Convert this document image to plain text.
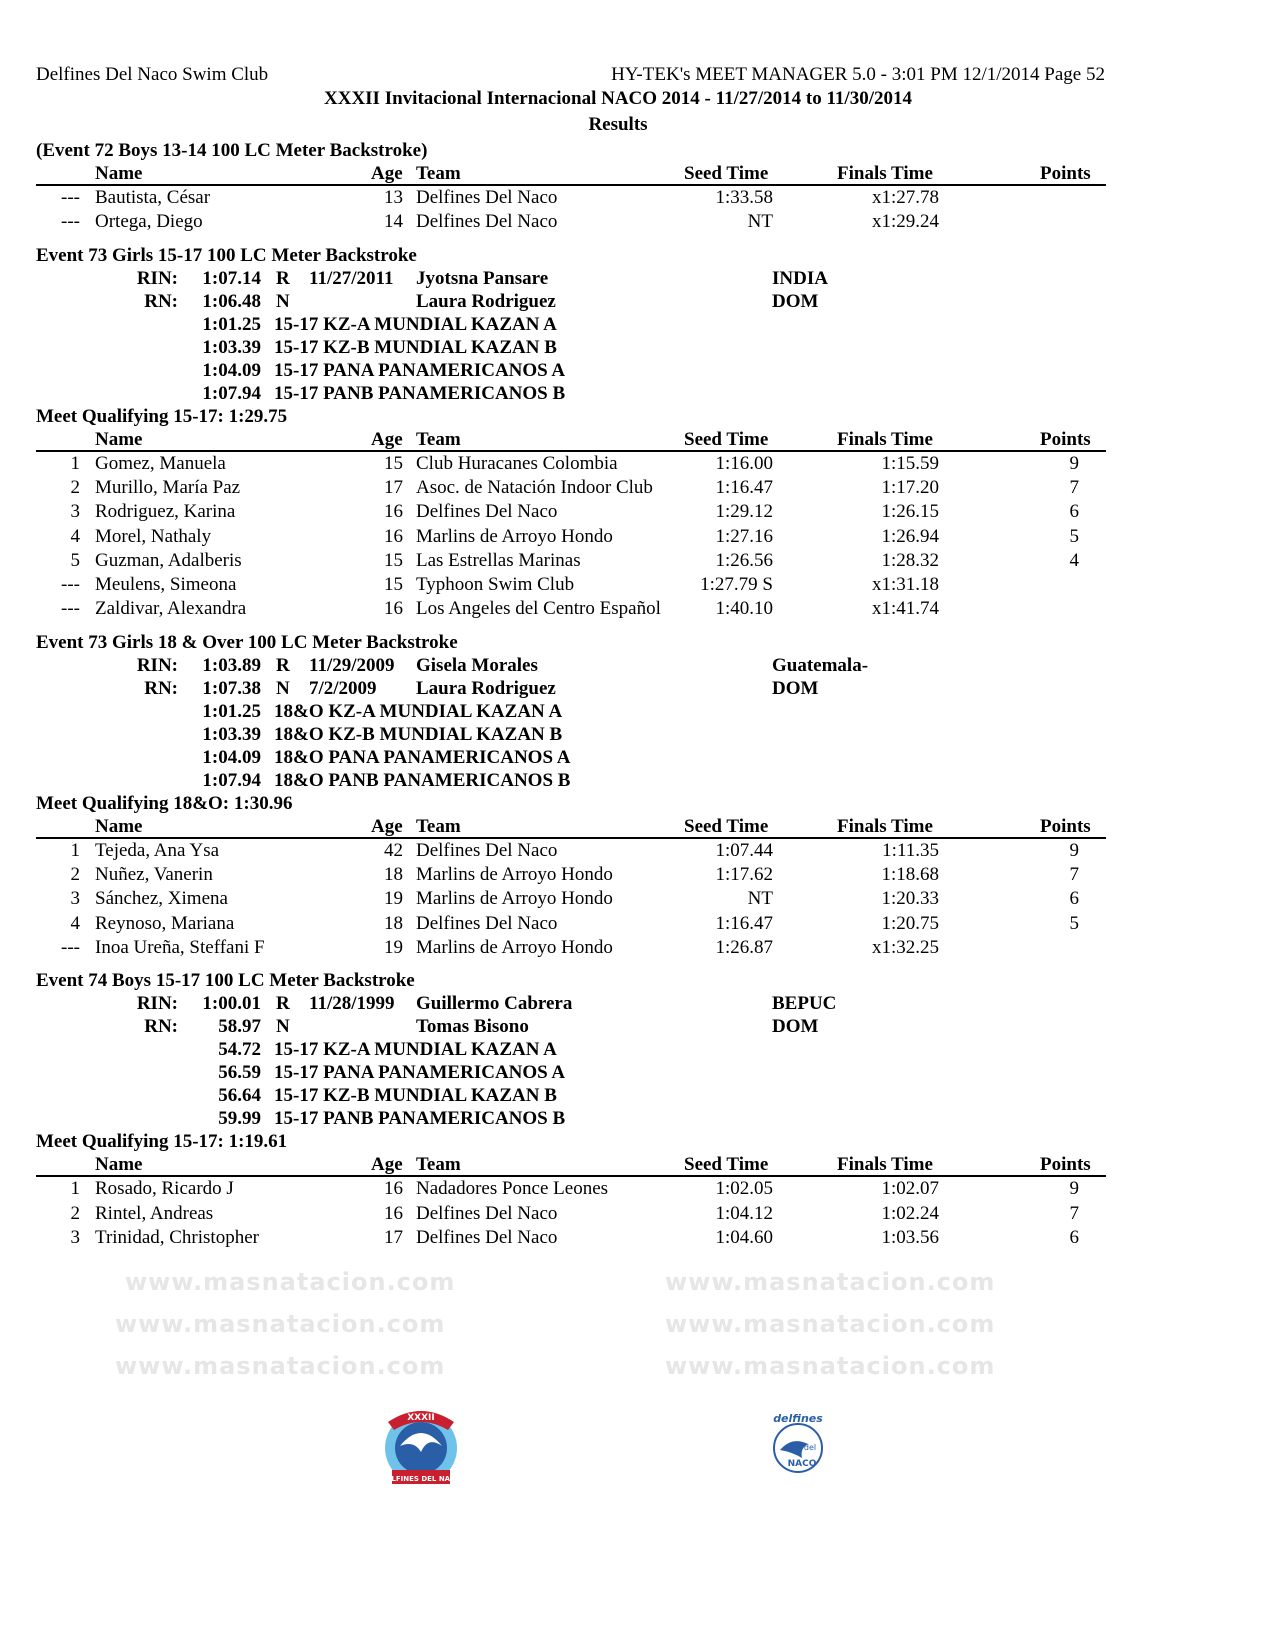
Delfines Del Naco Swim Club	HY-TEK's MEET MANAGER 5.0 - 3:01 PM 12/1/2014 Page 52
XXXII Invitacional Internacional NACO 2014 - 11/27/2014 to 11/30/2014
Results
(Event 72 Boys 13-14 100 LC Meter Backstroke)
Name	Age Team	Seed Time	Finals Time	Points
--- Bautista, César	13 Delfines Del Naco	1:33.58	x1:27.78
--- Ortega, Diego	14 Delfines Del Naco	NT	x1:29.24
Event 73 Girls 15-17 100 LC Meter Backstroke
RIN: 1:07.14 R 11/27/2011 Jyotsna Pansare	INDIA
RN: 1:06.48 N	Laura Rodriguez	DOM
1:01.25 15-17 KZ-A MUNDIAL KAZAN A
1:03.39 15-17 KZ-B MUNDIAL KAZAN B
1:04.09 15-17 PANA PANAMERICANOS A
1:07.94 15-17 PANB PANAMERICANOS B
Meet Qualifying 15-17: 1:29.75
Name	Age Team	Seed Time	Finals Time	Points
1 Gomez, Manuela	15 Club Huracanes Colombia	1:16.00	1:15.59	9
2 Murillo, María Paz	17 Asoc. de Natación Indoor Club	1:16.47	1:17.20	7
3 Rodriguez, Karina	16 Delfines Del Naco	1:29.12	1:26.15	6
4 Morel, Nathaly	16 Marlins de Arroyo Hondo	1:27.16	1:26.94	5
5 Guzman, Adalberis	15 Las Estrellas Marinas	1:26.56	1:28.32	4
--- Meulens, Simeona	15 Typhoon Swim Club	1:27.79 S	x1:31.18
--- Zaldivar, Alexandra	16 Los Angeles del Centro Español	1:40.10	x1:41.74
Event 73 Girls 18 & Over 100 LC Meter Backstroke
RIN: 1:03.89 R 11/29/2009 Gisela Morales	Guatemala-
RN: 1:07.38 N 7/2/2009 Laura Rodriguez	DOM
1:01.25 18&O KZ-A MUNDIAL KAZAN A
1:03.39 18&O KZ-B MUNDIAL KAZAN B
1:04.09 18&O PANA PANAMERICANOS A
1:07.94 18&O PANB PANAMERICANOS B
Meet Qualifying 18&O: 1:30.96
Name	Age Team	Seed Time	Finals Time	Points
1 Tejeda, Ana Ysa	42 Delfines Del Naco	1:07.44	1:11.35	9
2 Nuñez, Vanerin	18 Marlins de Arroyo Hondo	1:17.62	1:18.68	7
3 Sánchez, Ximena	19 Marlins de Arroyo Hondo	NT	1:20.33	6
4 Reynoso, Mariana	18 Delfines Del Naco	1:16.47	1:20.75	5
--- Inoa Ureña, Steffani F	19 Marlins de Arroyo Hondo	1:26.87	x1:32.25
Event 74 Boys 15-17 100 LC Meter Backstroke
RIN: 1:00.01 R 11/28/1999 Guillermo Cabrera	BEPUC
RN: 58.97 N	Tomas Bisono	DOM
54.72 15-17 KZ-A MUNDIAL KAZAN A
56.59 15-17 PANA PANAMERICANOS A
56.64 15-17 KZ-B MUNDIAL KAZAN B
59.99 15-17 PANB PANAMERICANOS B
Meet Qualifying 15-17: 1:19.61
Name	Age Team	Seed Time	Finals Time	Points
1 Rosado, Ricardo J	16 Nadadores Ponce Leones	1:02.05	1:02.07	9
2 Rintel, Andreas	16 Delfines Del Naco	1:04.12	1:02.24	7
3 Trinidad, Christopher	17 Delfines Del Naco	1:04.60	1:03.56	6
www.masnatacion.com	www.masnatacion.com
www.masnatacion.com	www.masnatacion.com
www.masnatacion.com	www.masnatacion.com
XXXII
DELFINES DEL NACO
delfines
del
NACO
